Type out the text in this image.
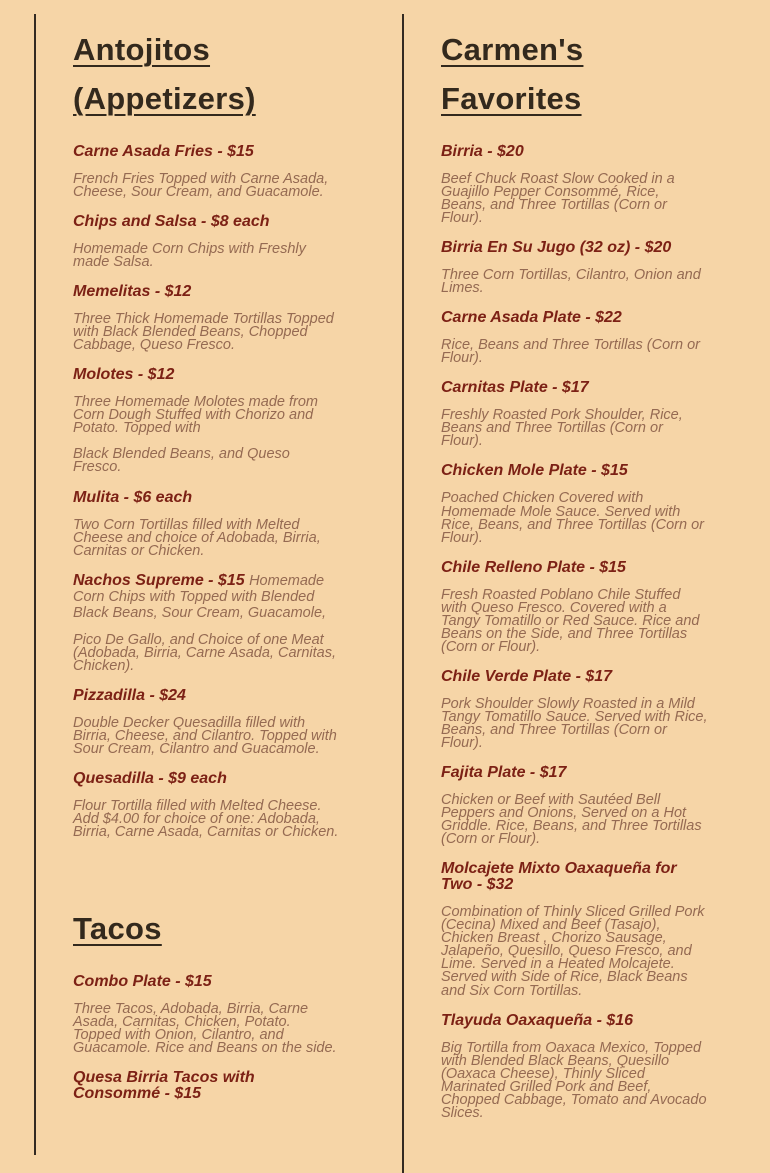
Antojitos (Appetizers)

Carne Asada Fries - $15

French Fries Topped with Carne Asada, Cheese, Sour Cream, and Guacamole.

Chips and Salsa - $8 each

Homemade Corn Chips with Freshly made Salsa.

Memelitas - $12

Three Thick Homemade Tortillas Topped with Black Blended Beans, Chopped Cabbage, Queso Fresco.

Molotes - $12

Three Homemade Molotes made from Corn Dough Stuffed with Chorizo and Potato. Topped with

Black Blended Beans, and Queso Fresco.

Mulita - $6 each

Two Corn Tortillas filled with Melted Cheese and choice of Adobada, Birria, Carnitas or Chicken.

Nachos Supreme - $15 Homemade Corn Chips with Topped with Blended Black Beans, Sour Cream, Guacamole,

Pico De Gallo, and Choice of one Meat (Adobada, Birria, Carne Asada, Carnitas, Chicken).

Pizzadilla - $24

Double Decker Quesadilla filled with Birria, Cheese, and Cilantro. Topped with Sour Cream, Cilantro and Guacamole.

Quesadilla - $9 each

Flour Tortilla filled with Melted Cheese. Add $4.00 for choice of one: Adobada, Birria, Carne Asada, Carnitas or Chicken.

Tacos

Combo Plate - $15

Three Tacos, Adobada, Birria, Carne Asada, Carnitas, Chicken, Potato. Topped with Onion, Cilantro, and Guacamole. Rice and Beans on the side.

Quesa Birria Tacos with Consommé - $15

Carmen's Favorites

Birria - $20

Beef Chuck Roast Slow Cooked in a Guajillo Pepper Consommé, Rice, Beans, and Three Tortillas (Corn or Flour).

Birria En Su Jugo (32 oz) - $20

Three Corn Tortillas, Cilantro, Onion and Limes.

Carne Asada Plate - $22

Rice, Beans and Three Tortillas (Corn or Flour).

Carnitas Plate - $17

Freshly Roasted Pork Shoulder, Rice, Beans and Three Tortillas (Corn or Flour).

Chicken Mole Plate - $15

Poached Chicken Covered with Homemade Mole Sauce. Served with Rice, Beans, and Three Tortillas (Corn or Flour).

Chile Relleno Plate - $15

Fresh Roasted Poblano Chile Stuffed with Queso Fresco. Covered with a Tangy Tomatillo or Red Sauce. Rice and Beans on the Side, and Three Tortillas (Corn or Flour).

Chile Verde Plate - $17

Pork Shoulder Slowly Roasted in a Mild Tangy Tomatillo Sauce. Served with Rice, Beans, and Three Tortillas (Corn or Flour).

Fajita Plate - $17

Chicken or Beef with Sautéed Bell Peppers and Onions, Served on a Hot Griddle. Rice, Beans, and Three Tortillas (Corn or Flour).

Molcajete Mixto Oaxaqueña for Two - $32

Combination of Thinly Sliced Grilled Pork (Cecina) Mixed and Beef (Tasajo), Chicken Breast , Chorizo Sausage, Jalapeño, Quesillo, Queso Fresco, and Lime. Served in a Heated Molcajete. Served with Side of Rice, Black Beans and Six Corn Tortillas.

Tlayuda Oaxaqueña - $16

Big Tortilla from Oaxaca Mexico, Topped with Blended Black Beans, Quesillo (Oaxaca Cheese), Thinly Sliced Marinated Grilled Pork and Beef, Chopped Cabbage, Tomato and Avocado Slices.
